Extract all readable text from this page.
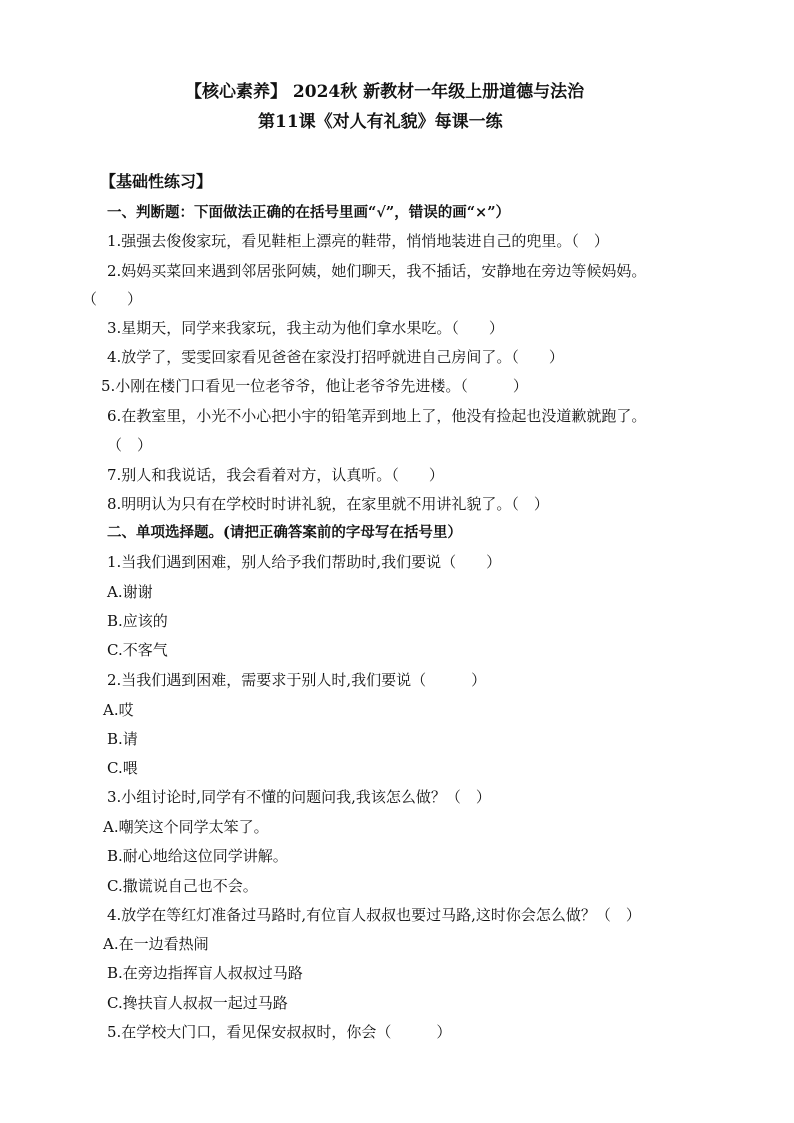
【核心素养】 2024秋 新教材一年级上册道德与法治
第11课《对人有礼貌》每课一练
【基础性练习】
一、判断题：下面做法正确的在括号里画“√”，错误的画“×”）
1.强强去俊俊家玩，看见鞋柜上漂亮的鞋带，悄悄地装进自己的兜里。（　）
2.妈妈买菜回来遇到邻居张阿姨，她们聊天，我不插话，安静地在旁边等候妈妈。
（　　）
3.星期天，同学来我家玩，我主动为他们拿水果吃。（　　）
4.放学了，雯雯回家看见爸爸在家没打招呼就进自己房间了。（　　）
5.小刚在楼门口看见一位老爷爷，他让老爷爷先进楼。（　　　）
6.在教室里，小光不小心把小宇的铅笔弄到地上了，他没有捡起也没道歉就跑了。
（　）
7.别人和我说话，我会看着对方，认真听。（　　）
8.明明认为只有在学校时时讲礼貌，在家里就不用讲礼貌了。（　）
二、单项选择题。(请把正确答案前的字母写在括号里）
1.当我们遇到困难，别人给予我们帮助时,我们要说（　　）
A.谢谢
B.应该的
C.不客气
2.当我们遇到困难，需要求于别人时,我们要说（　　　）
A.哎
B.请
C.喂
3.小组讨论时,同学有不懂的问题问我,我该怎么做？（　）
A.嘲笑这个同学太笨了。
B.耐心地给这位同学讲解。
C.撒谎说自己也不会。
4.放学在等红灯准备过马路时,有位盲人叔叔也要过马路,这时你会怎么做？（　）
A.在一边看热闹
B.在旁边指挥盲人叔叔过马路
C.搀扶盲人叔叔一起过马路
5.在学校大门口，看见保安叔叔时，你会（　　　）
